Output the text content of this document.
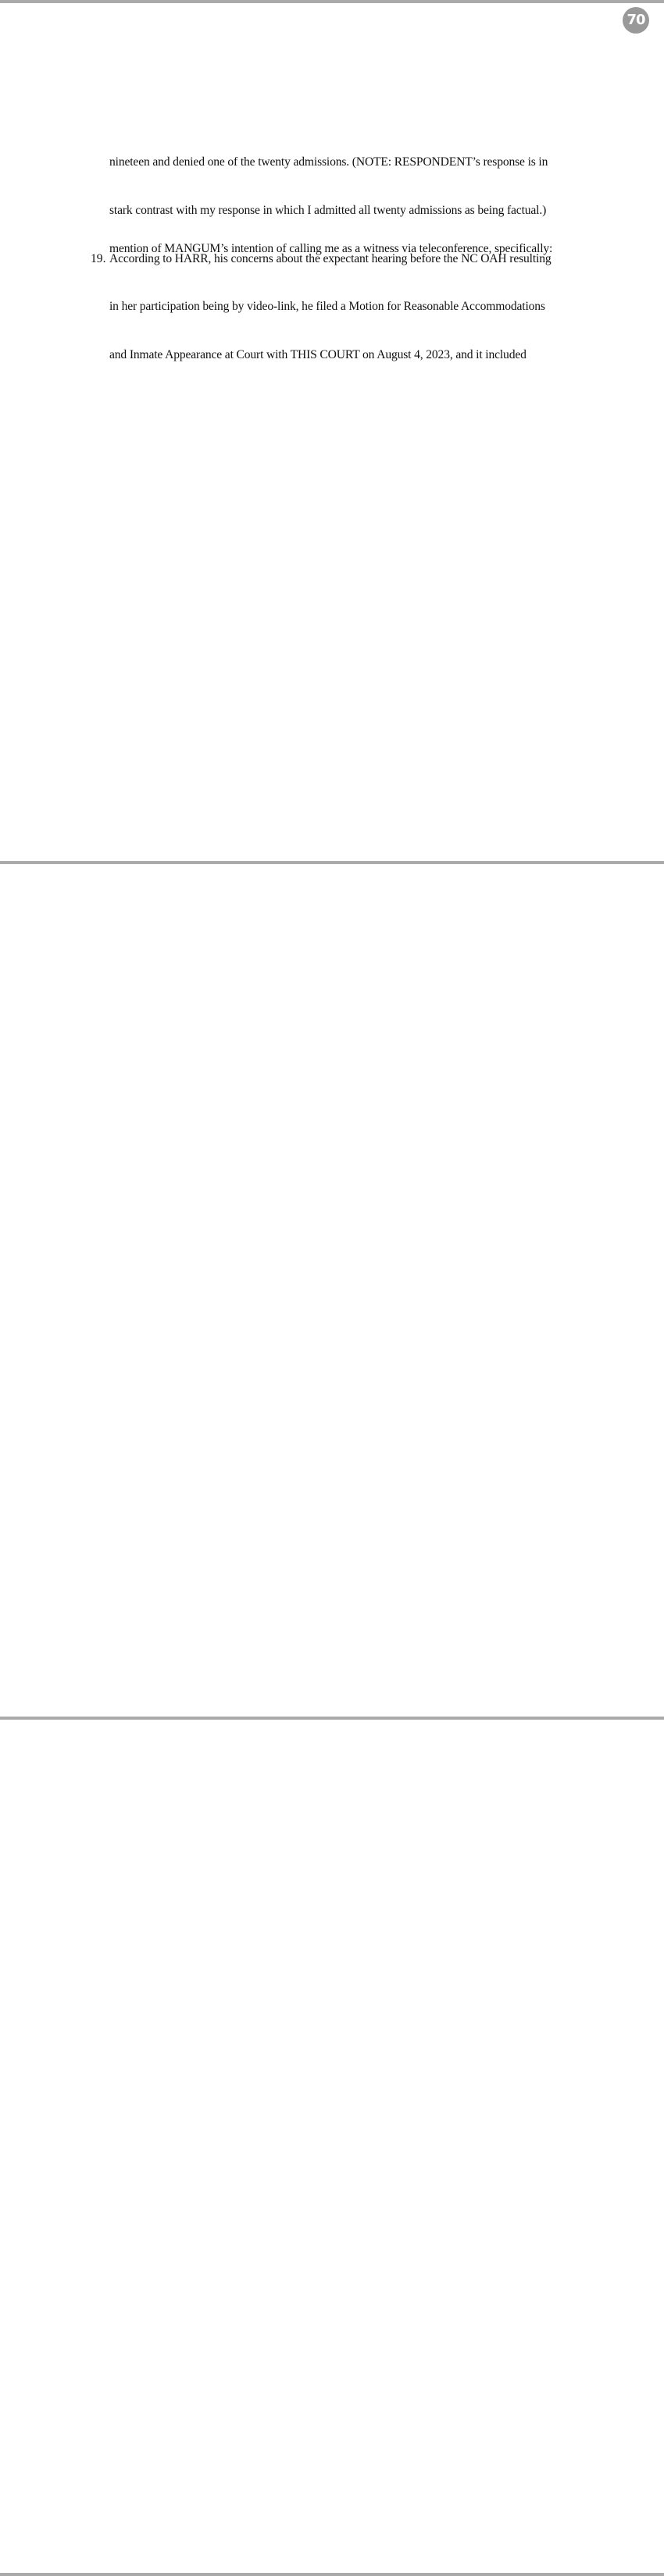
70
nineteen and denied one of the twenty admissions. (NOTE: RESPONDENT’s response is in
stark contrast with my response in which I admitted all twenty admissions as being factual.)
19. According to HARR, his concerns about the expectant hearing before the NC OAH resulting
in her participation being by video-link, he filed a Motion for Reasonable Accommodations
and Inmate Appearance at Court with THIS COURT on August 4, 2023, and it included
mention of MANGUM’s intention of calling me as a witness via teleconference, specifically:
